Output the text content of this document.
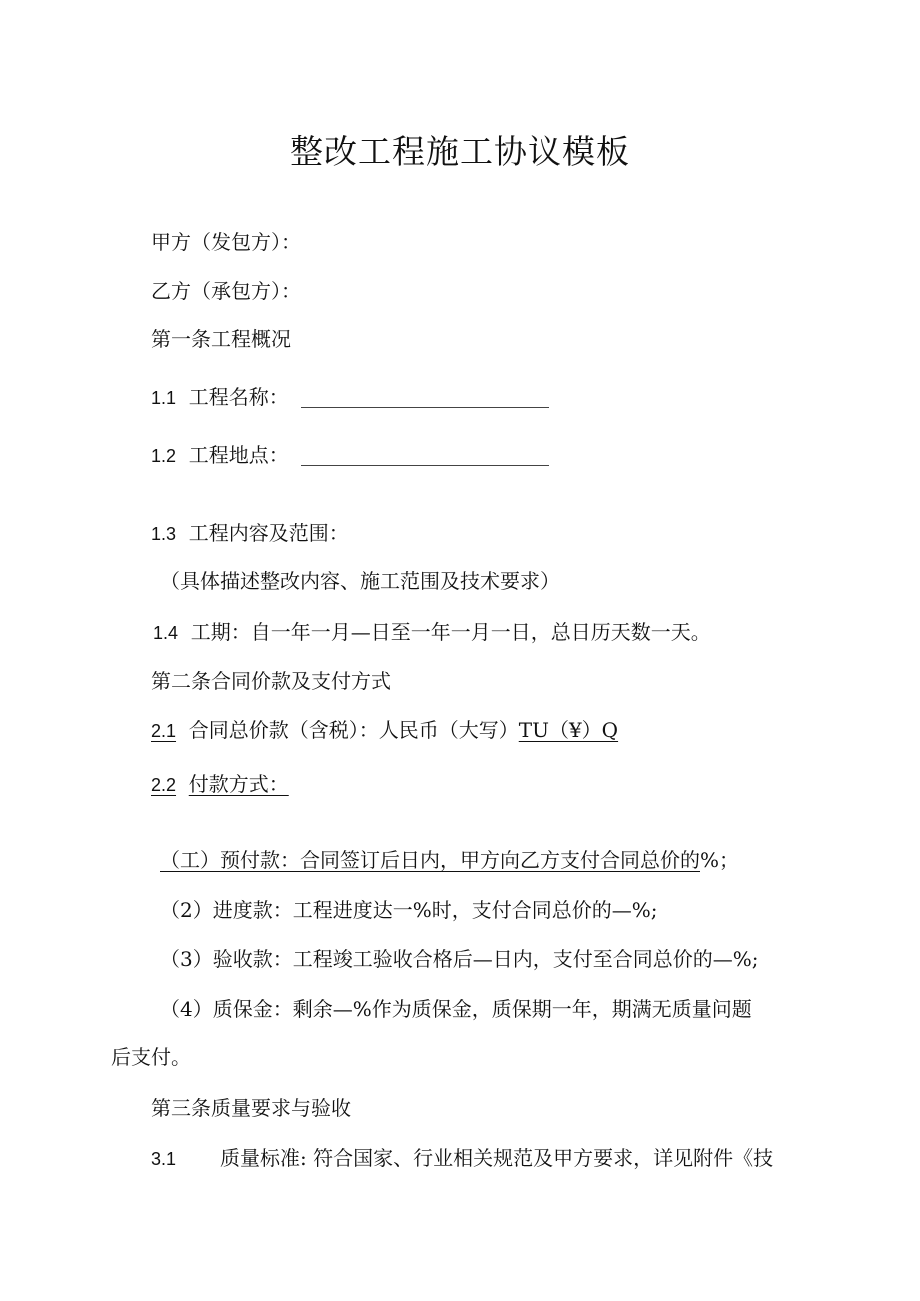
整改工程施工协议模板
甲方（发包方）：
乙方（承包方）：
第一条工程概况
1.1 工程名称：
1.2 工程地点：
1.3 工程内容及范围：
（具体描述整改内容、施工范围及技术要求）
1.4 工期：自一年一月—日至一年一月一日，总日历天数一天。
第二条合同价款及支付方式
2.1 合同总价款（含税）：人民币（大写）TU（¥）Q
2.2 付款方式：
（工）预付款：合同签订后日内，甲方向乙方支付合同总价的%；
（2）进度款：工程进度达一%时，支付合同总价的—%;
（3）验收款：工程竣工验收合格后—日内，支付至合同总价的—%;
（4）质保金：剩余—%作为质保金，质保期一年，期满无质量问题
后支付。
第三条质量要求与验收
3.1 质量标准: 符合国家、行业相关规范及甲方要求，详见附件《技
